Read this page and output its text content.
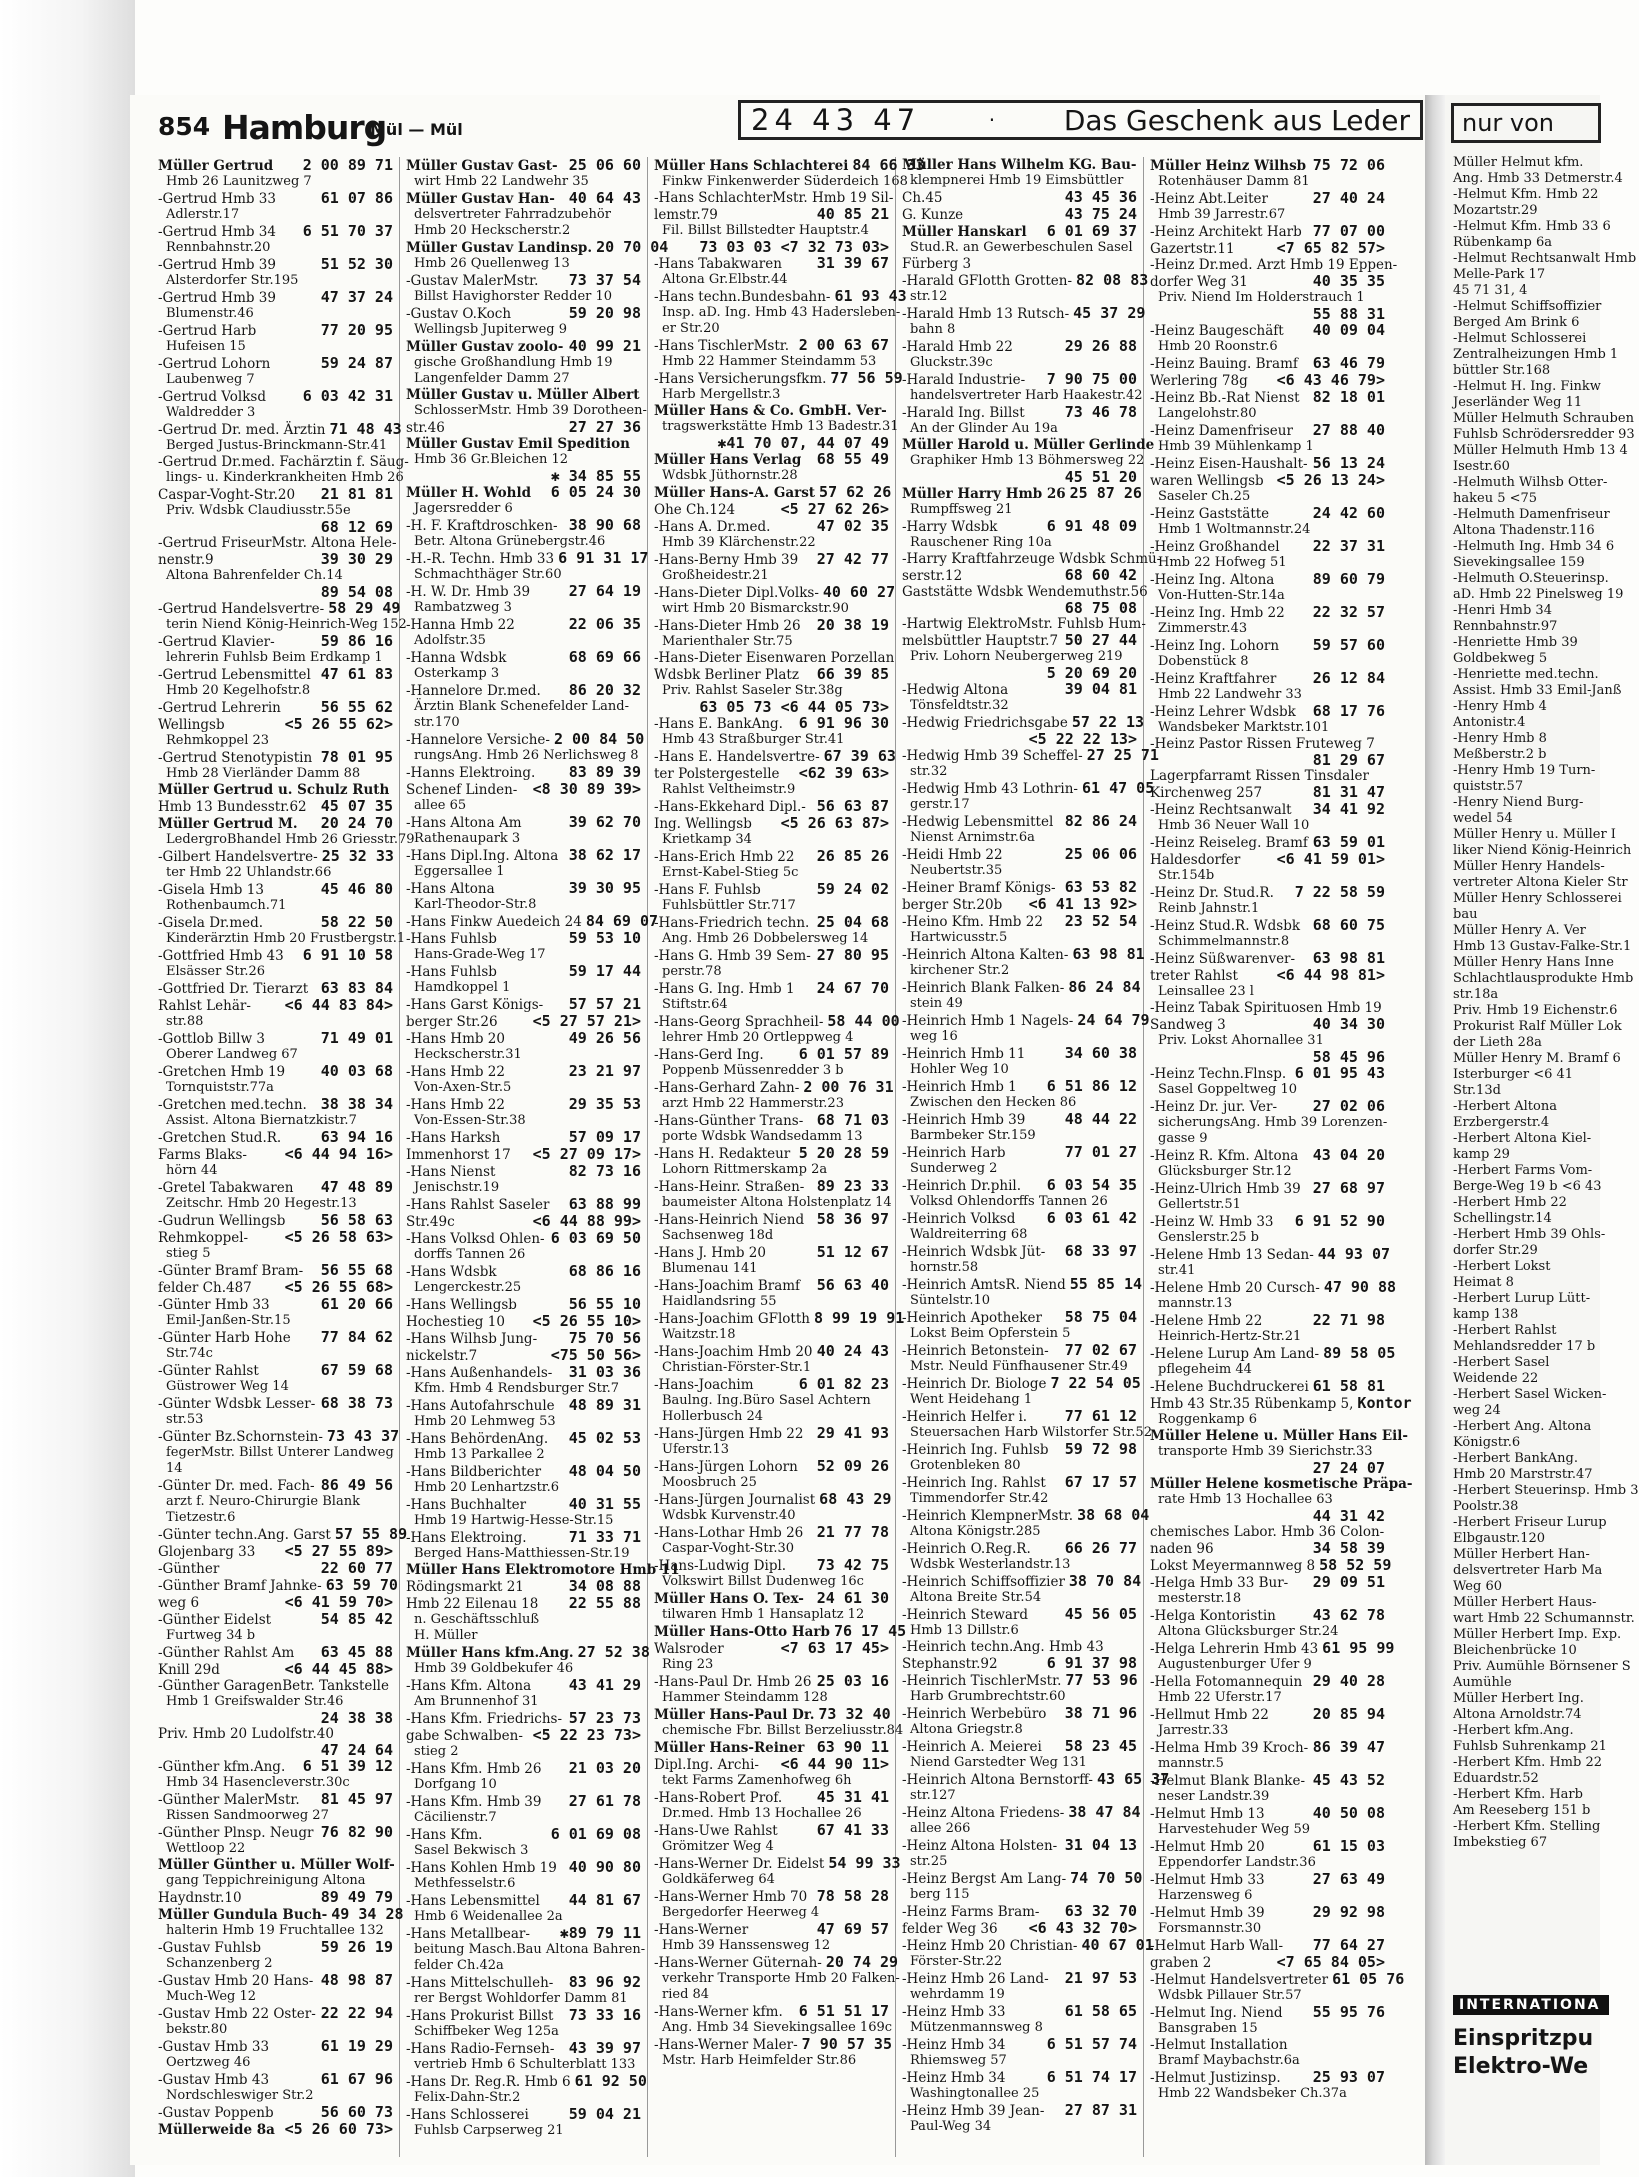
854 Hamburg
Mül — Mül	24 43 47	· Das Geschenk aus Leder
Müller Gertrud 2 00 89 71
Hmb 26 Launitzweg 7
-Gertrud Hmb 33	61 07 86
Adlerstr.17
-Gertrud Hmb 34 6 51 70 37
Rennbahnstr.20
-Gertrud Hmb 39	51 52 30
Alsterdorfer Str.195
-Gertrud Hmb 39	47 37 24
Blumenstr.46
-Gertrud Harb	77 20 95
Hufeisen 15
-Gertrud Lohorn	59 24 87
Laubenweg 7
-Gertrud Volksd 6 03 42 31
Waldredder 3
-Gertrud Dr. med. Ärztin 71 48 43
Berged Justus-Brinckmann-Str.41
-Gertrud Dr.med. Fachärztin f. Säug-
lings- u. Kinderkrankheiten Hmb 26
Caspar-Voght-Str.20 21 81 81
Priv. Wdsbk Claudiusstr.55e
68 12 69
-Gertrud FriseurMstr. Altona Hele-
nenstr.9	39 30 29
Altona Bahrenfelder Ch.14
89 54 08
-Gertrud Handelsvertre- 58 29 49
terin Niend König-Heinrich-Weg 152
-Gertrud Klavier-	59 86 16
lehrerin Fuhlsb Beim Erdkamp 1
-Gertrud Lebensmittel 47 61 83
Hmb 20 Kegelhofstr.8
-Gertrud Lehrerin	56 55 62
Wellingsb	<5 26 55 62>
Rehmkoppel 23
-Gertrud Stenotypistin 78 01 95
Hmb 28 Vierländer Damm 88
Müller Gertrud u. Schulz Ruth
Hmb 13 Bundesstr.62 45 07 35
Müller Gertrud M. 20 24 70
LedergroBhandel Hmb 26 Griesstr.79
-Gilbert Handelsvertre- 25 32 33
ter Hmb 22 Uhlandstr.66
-Gisela Hmb 13	45 46 80
Rothenbaumch.71
-Gisela Dr.med.	58 22 50
Kinderärztin Hmb 20 Frustbergstr.1
-Gottfried Hmb 43 6 91 10 58
Elsässer Str.26
-Gottfried Dr. Tierarzt 63 83 84
Rahlst Lehär- <6 44 83 84>
str.88
-Gottlob Billw 3	71 49 01
Oberer Landweg 67
-Gretchen Hmb 19 40 03 68
Tornquiststr.77a
-Gretchen med.techn. 38 38 34
Assist. Altona Biernatzkistr.7
-Gretchen Stud.R.	63 94 16
Farms Blaks-	<6 44 94 16>
hörn 44
-Gretel Tabakwaren 47 48 89
Zeitschr. Hmb 20 Hegestr.13
-Gudrun Wellingsb 56 58 63
Rehmkoppel- <5 26 58 63>
stieg 5
-Günter Bramf Bram- 56 55 68
felder Ch.487 <5 26 55 68>
-Günter Hmb 33	61 20 66
Emil-Janßen-Str.15
-Günter Harb Hohe 77 84 62
Str.74c
-Günter Rahlst	67 59 68
Güstrower Weg 14
-Günter Wdsbk Lesser- 68 38 73
str.53
-Günter Bz.Schornstein- 73 43 37
fegerMstr. Billst Unterer Landweg
14
-Günter Dr. med. Fach- 86 49 56
arzt f. Neuro-Chirurgie Blank
Tietzestr.6
-Günter techn.Ang. Garst 57 55 89
Glojenbarg 33 <5 27 55 89>
-Günther	22 60 77
-Günther Bramf Jahnke- 63 59 70
weg 6	<6 41 59 70>
-Günther Eidelst	54 85 42
Furtweg 34 b
-Günther Rahlst Am 63 45 88
Knill 29d	<6 44 45 88>
-Günther GaragenBetr. Tankstelle
Hmb 1 Greifswalder Str.46
24 38 38
Priv. Hmb 20 Ludolfstr.40
47 24 64
-Günther kfm.Ang. 6 51 39 12
Hmb 34 Hasencleverstr.30c
-Günther MalerMstr. 81 45 97
Rissen Sandmoorweg 27
-Günther Plnsp. Neugr 76 82 90
Wettloop 22
Müller Günther u. Müller Wolf-
gang Teppichreinigung Altona
Haydnstr.10	89 49 79
Müller Gundula Buch- 49 34 28
halterin Hmb 19 Fruchtallee 132
-Gustav Fuhlsb	59 26 19
Schanzenberg 2
-Gustav Hmb 20 Hans- 48 98 87
Much-Weg 12
-Gustav Hmb 22 Oster- 22 22 94
bekstr.80
-Gustav Hmb 33	61 19 29
Oertzweg 46
-Gustav Hmb 43	61 67 96
Nordschleswiger Str.2
-Gustav Poppenb	56 60 73
Müllerweide 8a <5 26 60 73>
Müller Gustav Gast- 25 06 60
wirt Hmb 22 Landwehr 35
Müller Gustav Han- 40 64 43
delsvertreter Fahrradzubehör
Hmb 20 Heckscherstr.2
Müller Gustav Landinsp. 20 70 04
Hmb 26 Quellenweg 13
-Gustav MalerMstr. 73 37 54
Billst Havighorster Redder 10
-Gustav O.Koch	59 20 98
Wellingsb Jupiterweg 9
Müller Gustav zoolo- 40 99 21
gische Großhandlung Hmb 19
Langenfelder Damm 27
Müller Gustav u. Müller Albert
SchlosserMstr. Hmb 39 Dorotheen-
str.46	27 27 36
Müller Gustav Emil Spedition
Hmb 36 Gr.Bleichen 12
✱ 34 85 55
Müller H. Wohld 6 05 24 30
Jagersredder 6
-H. F. Kraftdroschken- 38 90 68
Betr. Altona Grünebergstr.46
-H.-R. Techn. Hmb 33 6 91 31 17
Schmachthäger Str.60
-H. W. Dr. Hmb 39	27 64 19
Rambatzweg 3
-Hanna Hmb 22	22 06 35
Adolfstr.35
-Hanna Wdsbk	68 69 66
Osterkamp 3
-Hannelore Dr.med. 86 20 32
Ärztin Blank Schenefelder Land-
str.170
-Hannelore Versiche- 2 00 84 50
rungsAng. Hmb 26 Nerlichsweg 8
-Hanns Elektroing. 83 89 39
Schenef Linden- <8 30 89 39>
allee 65
-Hans Altona Am	39 62 70
Rathenaupark 3
-Hans Dipl.Ing. Altona 38 62 17
Eggersallee 1
-Hans Altona	39 30 95
Karl-Theodor-Str.8
-Hans Finkw Auedeich 24 84 69 07
-Hans Fuhlsb	59 53 10
Hans-Grade-Weg 17
-Hans Fuhlsb	59 17 44
Hamdkoppel 1
-Hans Garst Königs- 57 57 21
berger Str.26 <5 27 57 21>
-Hans Hmb 20	49 26 56
Heckscherstr.31
-Hans Hmb 22	23 21 97
Von-Axen-Str.5
-Hans Hmb 22	29 35 53
Von-Essen-Str.38
-Hans Harksh	57 09 17
Immenhorst 17 <5 27 09 17>
-Hans Nienst	82 73 16
Jenischstr.19
-Hans Rahlst Saseler 63 88 99
Str.49c	<6 44 88 99>
-Hans Volksd Ohlen- 6 03 69 50
dorffs Tannen 26
-Hans Wdsbk	68 86 16
Lengerckestr.25
-Hans Wellingsb	56 55 10
Hochestieg 10 <5 26 55 10>
-Hans Wilhsb Jung- 75 70 56
nickelstr.7	<75 50 56>
-Hans Außenhandels- 31 03 36
Kfm. Hmb 4 Rendsburger Str.7
-Hans Autofahrschule 48 89 31
Hmb 20 Lehmweg 53
-Hans BehördenAng. 45 02 53
Hmb 13 Parkallee 2
-Hans Bildberichter 48 04 50
Hmb 20 Lenhartzstr.6
-Hans Buchhalter	40 31 55
Hmb 19 Hartwig-Hesse-Str.15
-Hans Elektroing.	71 33 71
Berged Hans-Matthiessen-Str.19
Müller Hans Elektromotore Hmb 11
Rödingsmarkt 21	34 08 88
Hmb 22 Eilenau 18 22 55 88
n. Geschäftsschluß
H. Müller
Müller Hans kfm.Ang. 27 52 38
Hmb 39 Goldbekufer 46
-Hans Kfm. Altona	43 41 29
Am Brunnenhof 31
-Hans Kfm. Friedrichs- 57 23 73
gabe Schwalben- <5 22 23 73>
stieg 2
-Hans Kfm. Hmb 26 21 03 20
Dorfgang 10
-Hans Kfm. Hmb 39 27 61 78
Cäcilienstr.7
-Hans Kfm.	6 01 69 08
Sasel Bekwisch 3
-Hans Kohlen Hmb 19 40 90 80
Methfesselstr.6
-Hans Lebensmittel 44 81 67
Hmb 6 Weidenallee 2a
-Hans Metallbear- ✱89 79 11
beitung Masch.Bau Altona Bahren-
felder Ch.42a
-Hans Mittelschulleh- 83 96 92
rer Bergst Wohldorfer Damm 81
-Hans Prokurist Billst 73 33 16
Schiffbeker Weg 125a
-Hans Radio-Fernseh- 43 39 97
vertrieb Hmb 6 Schulterblatt 133
-Hans Dr. Reg.R. Hmb 6 61 92 50
Felix-Dahn-Str.2
-Hans Schlosserei	59 04 21
Fuhlsb Carpserweg 21
Müller Hans Schlachterei 84 66 33
Finkw Finkenwerder Süderdeich 168
-Hans SchlachterMstr. Hmb 19 Sil-
lemstr.79	40 85 21
Fil. Billst Billstedter Hauptstr.4
73 03 03 <7 32 73 03>
-Hans Tabakwaren 31 39 67
Altona Gr.Elbstr.44
-Hans techn.Bundesbahn- 61 93 43
Insp. aD. Ing. Hmb 43 Hadersleben-
er Str.20
-Hans TischlerMstr. 2 00 63 67
Hmb 22 Hammer Steindamm 53
-Hans Versicherungsfkm. 77 56 59
Harb Mergellstr.3
Müller Hans & Co. GmbH. Ver-
tragswerkstätte Hmb 13 Badestr.31
✱41 70 07, 44 07 49
Müller Hans Verlag 68 55 49
Wdsbk Jüthornstr.28
Müller Hans-A. Garst 57 62 26
Ohe Ch.124	<5 27 62 26>
-Hans A. Dr.med.	47 02 35
Hmb 39 Klärchenstr.22
-Hans-Berny Hmb 39 27 42 77
Großheidestr.21
-Hans-Dieter Dipl.Volks- 40 60 27
wirt Hmb 20 Bismarckstr.90
-Hans-Dieter Hmb 26 20 38 19
Marienthaler Str.75
-Hans-Dieter Eisenwaren Porzellan
Wdsbk Berliner Platz 66 39 85
Priv. Rahlst Saseler Str.38g
63 05 73 <6 44 05 73>
-Hans E. BankAng. 6 91 96 30
Hmb 43 Straßburger Str.41
-Hans E. Handelsvertre- 67 39 63
ter Polstergestelle <62 39 63>
Rahlst Veltheimstr.9
-Hans-Ekkehard Dipl.- 56 63 87
Ing. Wellingsb <5 26 63 87>
Krietkamp 34
-Hans-Erich Hmb 22 26 85 26
Ernst-Kabel-Stieg 5c
-Hans F. Fuhlsb	59 24 02
Fuhlsbüttler Str.717
-Hans-Friedrich techn. 25 04 68
Ang. Hmb 26 Dobbelersweg 14
-Hans G. Hmb 39 Sem- 27 80 95
perstr.78
-Hans G. Ing. Hmb 1 24 67 70
Stiftstr.64
-Hans-Georg Sprachheil- 58 44 00
lehrer Hmb 20 Ortleppweg 4
-Hans-Gerd Ing. 6 01 57 89
Poppenb Müssenredder 3 b
-Hans-Gerhard Zahn- 2 00 76 31
arzt Hmb 22 Hammerstr.23
-Hans-Günther Trans- 68 71 03
porte Wdsbk Wandsedamm 13
-Hans H. Redakteur 5 20 28 59
Lohorn Rittmerskamp 2a
-Hans-Heinr. Straßen- 89 23 33
baumeister Altona Holstenplatz 14
-Hans-Heinrich Niend 58 36 97
Sachsenweg 18d
-Hans J. Hmb 20	51 12 67
Blumenau 141
-Hans-Joachim Bramf 56 63 40
Haidlandsring 55
-Hans-Joachim GFlotth 8 99 19 91
Waitzstr.18
-Hans-Joachim Hmb 20 40 24 43
Christian-Förster-Str.1
-Hans-Joachim	6 01 82 23
Baulng. Ing.Büro Sasel Achtern
Hollerbusch 24
-Hans-Jürgen Hmb 22 29 41 93
Uferstr.13
-Hans-Jürgen Lohorn 52 09 26
Moosbruch 25
-Hans-Jürgen Journalist 68 43 29
Wdsbk Kurvenstr.40
-Hans-Lothar Hmb 26 21 77 78
Caspar-Voght-Str.30
-Hans-Ludwig Dipl. 73 42 75
Volkswirt Billst Dudenweg 16c
Müller Hans O. Tex- 24 61 30
tilwaren Hmb 1 Hansaplatz 12
Müller Hans-Otto Harb 76 17 45
Walsroder	<7 63 17 45>
Ring 23
-Hans-Paul Dr. Hmb 26 25 03 16
Hammer Steindamm 128
Müller Hans-Paul Dr. 73 32 40
chemische Fbr. Billst Berzeliusstr.84
Müller Hans-Reiner 63 90 11
Dipl.Ing. Archi- <6 44 90 11>
tekt Farms Zamenhofweg 6h
-Hans-Robert Prof. 45 31 41
Dr.med. Hmb 13 Hochallee 26
-Hans-Uwe Rahlst	67 41 33
Grömitzer Weg 4
-Hans-Werner Dr. Eidelst 54 99 33
Goldkäferweg 64
-Hans-Werner Hmb 70 78 58 28
Bergedorfer Heerweg 4
-Hans-Werner	47 69 57
Hmb 39 Hanssensweg 12
-Hans-Werner Güternah- 20 74 29
verkehr Transporte Hmb 20 Falken-
ried 84
-Hans-Werner kfm. 6 51 51 17
Ang. Hmb 34 Sievekingsallee 169c
-Hans-Werner Maler- 7 90 57 35
Mstr. Harb Heimfelder Str.86
Müller Hans Wilhelm KG. Bau-
klempnerei Hmb 19 Eimsbüttler
Ch.45	43 45 36
G. Kunze	43 75 24
Müller Hanskarl 6 01 69 37
Stud.R. an Gewerbeschulen Sasel
Fürberg 3
-Harald GFlotth Grotten- 82 08 83
str.12
-Harald Hmb 13 Rutsch- 45 37 29
bahn 8
-Harald Hmb 22	29 26 88
Gluckstr.39c
-Harald Industrie- 7 90 75 00
handelsvertreter Harb Haakestr.42
-Harald Ing. Billst	73 46 78
An der Glinder Au 19a
Müller Harold u. Müller Gerlinde
Graphiker Hmb 13 Böhmersweg 22
45 51 20
Müller Harry Hmb 26 25 87 26
Rumpffsweg 21
-Harry Wdsbk	6 91 48 09
Rauschener Ring 10a
-Harry Kraftfahrzeuge Wdsbk Schmü-
serstr.12	68 60 42
Gaststätte Wdsbk Wendemuthstr.56
68 75 08
-Hartwig ElektroMstr. Fuhlsb Hum-
melsbüttler Hauptstr.7 50 27 44
Priv. Lohorn Neubergerweg 219
5 20 69 20
-Hedwig Altona	39 04 81
Tönsfeldtstr.32
-Hedwig Friedrichsgabe 57 22 13
<5 22 22 13>
-Hedwig Hmb 39 Scheffel- 27 25 71
str.32
-Hedwig Hmb 43 Lothrin- 61 47 05
gerstr.17
-Hedwig Lebensmittel 82 86 24
Nienst Arnimstr.6a
-Heidi Hmb 22	25 06 06
Neubertstr.35
-Heiner Bramf Königs- 63 53 82
berger Str.20b <6 41 13 92>
-Heino Kfm. Hmb 22 23 52 54
Hartwicusstr.5
-Heinrich Altona Kalten- 63 98 81
kirchener Str.2
-Heinrich Blank Falken- 86 24 84
stein 49
-Heinrich Hmb 1 Nagels- 24 64 79
weg 16
-Heinrich Hmb 11	34 60 38
Hohler Weg 10
-Heinrich Hmb 1 6 51 86 12
Zwischen den Hecken 86
-Heinrich Hmb 39	48 44 22
Barmbeker Str.159
-Heinrich Harb	77 01 27
Sunderweg 2
-Heinrich Dr.phil. 6 03 54 35
Volksd Ohlendorffs Tannen 26
-Heinrich Volksd 6 03 61 42
Waldreiterring 68
-Heinrich Wdsbk Jüt- 68 33 97
hornstr.58
-Heinrich AmtsR. Niend 55 85 14
Süntelstr.10
-Heinrich Apotheker 58 75 04
Lokst Beim Opferstein 5
-Heinrich Betonstein- 77 02 67
Mstr. Neuld Fünfhausener Str.49
-Heinrich Dr. Biologe 7 22 54 05
Went Heidehang 1
-Heinrich Helfer i.	77 61 12
Steuersachen Harb Wilstorfer Str.52
-Heinrich Ing. Fuhlsb 59 72 98
Grotenbleken 80
-Heinrich Ing. Rahlst 67 17 57
Timmendorfer Str.42
-Heinrich KlempnerMstr. 38 68 04
Altona Königstr.285
-Heinrich O.Reg.R. 66 26 77
Wdsbk Westerlandstr.13
-Heinrich Schiffsoffizier 38 70 84
Altona Breite Str.54
-Heinrich Steward 45 56 05
Hmb 13 Dillstr.6
-Heinrich techn.Ang. Hmb 43
Stephanstr.92	6 91 37 98
-Heinrich TischlerMstr. 77 53 96
Harb Grumbrechtstr.60
-Heinrich Werbebüro 38 71 96
Altona Griegstr.8
-Heinrich A. Meierei 58 23 45
Niend Garstedter Weg 131
-Heinrich Altona Bernstorff- 43 65 37
str.127
-Heinz Altona Friedens- 38 47 84
allee 266
-Heinz Altona Holsten- 31 04 13
str.25
-Heinz Bergst Am Lang- 74 70 50
berg 115
-Heinz Farms Bram- 63 32 70
felder Weg 36 <6 43 32 70>
-Heinz Hmb 20 Christian- 40 67 01
Förster-Str.22
-Heinz Hmb 26 Land- 21 97 53
wehrdamm 19
-Heinz Hmb 33	61 58 65
Mützenmannsweg 8
-Heinz Hmb 34	6 51 57 74
Rhiemsweg 57
-Heinz Hmb 34	6 51 74 17
Washingtonallee 25
-Heinz Hmb 39 Jean- 27 87 31
Paul-Weg 34
Müller Heinz Wilhsb 75 72 06
Rotenhäuser Damm 81
-Heinz Abt.Leiter	27 40 24
Hmb 39 Jarrestr.67
-Heinz Architekt Harb 77 07 00
Gazertstr.11	<7 65 82 57>
-Heinz Dr.med. Arzt Hmb 19 Eppen-
dorfer Weg 31	40 35 35
Priv. Niend Im Holderstrauch 1
55 88 31
-Heinz Baugeschäft 40 09 04
Hmb 20 Roonstr.6
-Heinz Bauing. Bramf 63 46 79
Werlering 78g <6 43 46 79>
-Heinz Bb.-Rat Nienst 82 18 01
Langelohstr.80
-Heinz Damenfriseur 27 88 40
Hmb 39 Mühlenkamp 1
-Heinz Eisen-Haushalt- 56 13 24
waren Wellingsb <5 26 13 24>
Saseler Ch.25
-Heinz Gaststätte	24 42 60
Hmb 1 Woltmannstr.24
-Heinz Großhandel 22 37 31
Hmb 22 Hofweg 51
-Heinz Ing. Altona	89 60 79
Von-Hutten-Str.14a
-Heinz Ing. Hmb 22 22 32 57
Zimmerstr.43
-Heinz Ing. Lohorn 59 57 60
Dobenstück 8
-Heinz Kraftfahrer 26 12 84
Hmb 22 Landwehr 33
-Heinz Lehrer Wdsbk 68 17 76
Wandsbeker Marktstr.101
-Heinz Pastor Rissen Fruteweg 7
81 29 67
Lagerpfarramt Rissen Tinsdaler
Kirchenweg 257	81 31 47
-Heinz Rechtsanwalt 34 41 92
Hmb 36 Neuer Wall 10
-Heinz Reiseleg. Bramf 63 59 01
Haldesdorfer <6 41 59 01>
Str.154b
-Heinz Dr. Stud.R. 7 22 58 59
Reinb Jahnstr.1
-Heinz Stud.R. Wdsbk 68 60 75
Schimmelmannstr.8
-Heinz Süßwarenver- 63 98 81
treter Rahlst	<6 44 98 81>
Leinsallee 23 l
-Heinz Tabak Spirituosen Hmb 19
Sandweg 3	40 34 30
Priv. Lokst Ahornallee 31
58 45 96
-Heinz Techn.Flnsp. 6 01 95 43
Sasel Goppeltweg 10
-Heinz Dr. jur. Ver- 27 02 06
sicherungsAng. Hmb 39 Lorenzen-
gasse 9
-Heinz R. Kfm. Altona 43 04 20
Glücksburger Str.12
-Heinz-Ulrich Hmb 39 27 68 97
Gellertstr.51
-Heinz W. Hmb 33 6 91 52 90
Genslerstr.25 b
-Helene Hmb 13 Sedan- 44 93 07
str.41
-Helene Hmb 20 Cursch- 47 90 88
mannstr.13
-Helene Hmb 22	22 71 98
Heinrich-Hertz-Str.21
-Helene Lurup Am Land- 89 58 05
pflegeheim 44
-Helene Buchdruckerei 61 58 81
Hmb 43 Str.35 Rübenkamp 5, Kontor
Roggenkamp 6
Müller Helene u. Müller Hans Eil-
transporte Hmb 39 Sierichstr.33
27 24 07
Müller Helene kosmetische Präpa-
rate Hmb 13 Hochallee 63
44 31 42
chemisches Labor. Hmb 36 Colon-
naden 96	34 58 39
Lokst Meyermannweg 8 58 52 59
-Helga Hmb 33 Bur- 29 09 51
mesterstr.18
-Helga Kontoristin 43 62 78
Altona Glücksburger Str.24
-Helga Lehrerin Hmb 43 61 95 99
Augustenburger Ufer 9
-Hella Fotomannequin 29 40 28
Hmb 22 Uferstr.17
-Hellmut Hmb 22	20 85 94
Jarrestr.33
-Helma Hmb 39 Kroch- 86 39 47
mannstr.5
-Helmut Blank Blanke- 45 43 52
neser Landstr.39
-Helmut Hmb 13	40 50 08
Harvestehuder Weg 59
-Helmut Hmb 20	61 15 03
Eppendorfer Landstr.36
-Helmut Hmb 33	27 63 49
Harzensweg 6
-Helmut Hmb 39	29 92 98
Forsmannstr.30
-Helmut Harb Wall- 77 64 27
graben 2	<7 65 84 05>
-Helmut Handelsvertreter 61 05 76
Wdsbk Pillauer Str.57
-Helmut Ing. Niend 55 95 76
Bansgraben 15
-Helmut Installation
Bramf Maybachstr.6a
-Helmut Justizinsp. 25 93 07
Hmb 22 Wandsbeker Ch.37a
nur von
Müller Helmut kfm.
Ang. Hmb 33 Detmerstr.4
-Helmut Kfm. Hmb 22
Mozartstr.29
-Helmut Kfm. Hmb 33 6
Rübenkamp 6a
-Helmut Rechtsanwalt Hmb
Melle-Park 17
45 71 31, 4
-Helmut Schiffsoffizier
Berged Am Brink 6
-Helmut Schlosserei
Zentralheizungen Hmb 1
büttler Str.168
-Helmut H. Ing. Finkw
Jeserländer Weg 11
Müller Helmuth Schrauben
Fuhlsb Schrödersredder 93
Müller Helmuth Hmb 13 4
Isestr.60
-Helmuth Wilhsb Otter-
hakeu 5 <75
-Helmuth Damenfriseur
Altona Thadenstr.116
-Helmuth Ing. Hmb 34 6
Sievekingsallee 159
-Helmuth O.Steuerinsp.
aD. Hmb 22 Pinelsweg 19
-Henri Hmb 34
Rennbahnstr.97
-Henriette Hmb 39
Goldbekweg 5
-Henriette med.techn.
Assist. Hmb 33 Emil-Janß
-Henry Hmb 4
Antonistr.4
-Henry Hmb 8
Meßberstr.2 b
-Henry Hmb 19 Turn-
quiststr.57
-Henry Niend Burg-
wedel 54
Müller Henry u. Müller I
liker Niend König-Heinrich
Müller Henry Handels-
vertreter Altona Kieler Str
Müller Henry Schlosserei
bau
Müller Henry A. Ver
Hmb 13 Gustav-Falke-Str.1
Müller Henry Hans Inne
Schlachtlausprodukte Hmb
str.18a
Priv. Hmb 19 Eichenstr.6
Prokurist Ralf Müller Lok
der Lieth 28a
Müller Henry M. Bramf 6
Isterburger <6 41
Str.13d
-Herbert Altona
Erzbergerstr.4
-Herbert Altona Kiel-
kamp 29
-Herbert Farms Vom-
Berge-Weg 19 b <6 43
-Herbert Hmb 22
Schellingstr.14
-Herbert Hmb 39 Ohls-
dorfer Str.29
-Herbert Lokst
Heimat 8
-Herbert Lurup Lütt-
kamp 138
-Herbert Rahlst
Mehlandsredder 17 b
-Herbert Sasel
Weidende 22
-Herbert Sasel Wicken-
weg 24
-Herbert Ang. Altona
Königstr.6
-Herbert BankAng.
Hmb 20 Marstrstr.47
-Herbert Steuerinsp. Hmb 3
Poolstr.38
-Herbert Friseur Lurup
Elbgaustr.120
Müller Herbert Han-
delsvertreter Harb Ma
Weg 60
Müller Herbert Haus-
wart Hmb 22 Schumannstr.
Müller Herbert Imp. Exp.
Bleichenbrücke 10
Priv. Aumühle Börnsener S
Aumühle
Müller Herbert Ing.
Altona Arnoldstr.74
-Herbert kfm.Ang.
Fuhlsb Suhrenkamp 21
-Herbert Kfm. Hmb 22
Eduardstr.52
-Herbert Kfm. Harb
Am Reeseberg 151 b
-Herbert Kfm. Stelling
Imbekstieg 67
INTERNATIONA
Einspritzpu
Elektro-We
